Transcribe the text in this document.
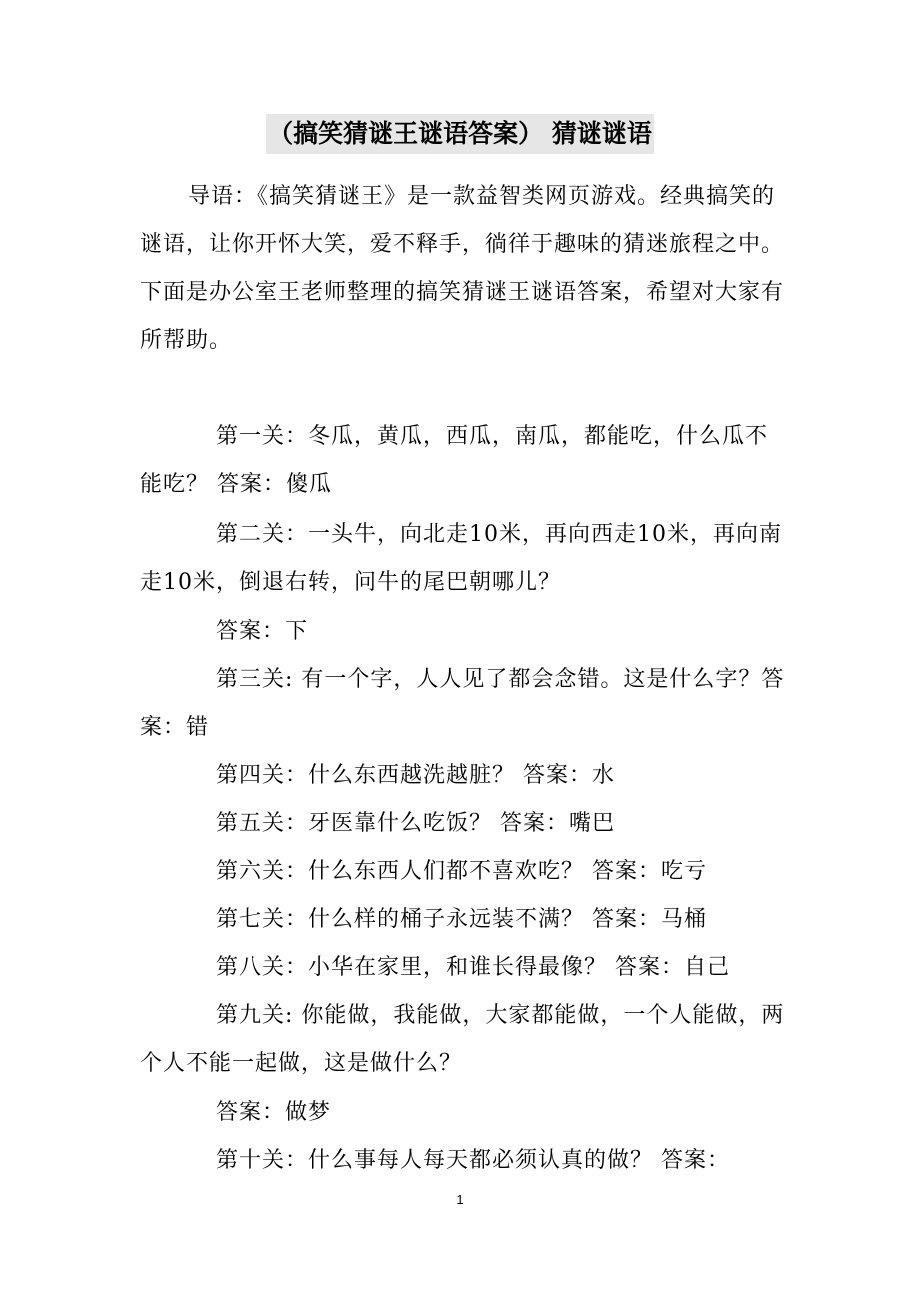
（搞笑猜谜王谜语答案） 猜谜谜语
导语：《搞笑猜谜王》是一款益智类网页游戏。经典搞笑的谜语，让你开怀大笑，爱不释手，徜徉于趣味的猜迷旅程之中。下面是办公室王老师整理的搞笑猜谜王谜语答案，希望对大家有所帮助。
第一关：冬瓜，黄瓜，西瓜，南瓜，都能吃，什么瓜不能吃？ 答案：傻瓜
第二关：一头牛，向北走10米，再向西走10米，再向南走10米，倒退右转，问牛的尾巴朝哪儿？
答案：下
第三关: 有一个字，人人见了都会念错。这是什么字？答案：错
第四关：什么东西越洗越脏？ 答案：水
第五关：牙医靠什么吃饭？ 答案：嘴巴
第六关：什么东西人们都不喜欢吃？ 答案：吃亏
第七关：什么样的桶子永远装不满？ 答案：马桶
第八关：小华在家里，和谁长得最像？ 答案：自己
第九关: 你能做，我能做，大家都能做，一个人能做，两个人不能一起做，这是做什么？
答案：做梦
第十关：什么事每人每天都必须认真的做？ 答案：
1
